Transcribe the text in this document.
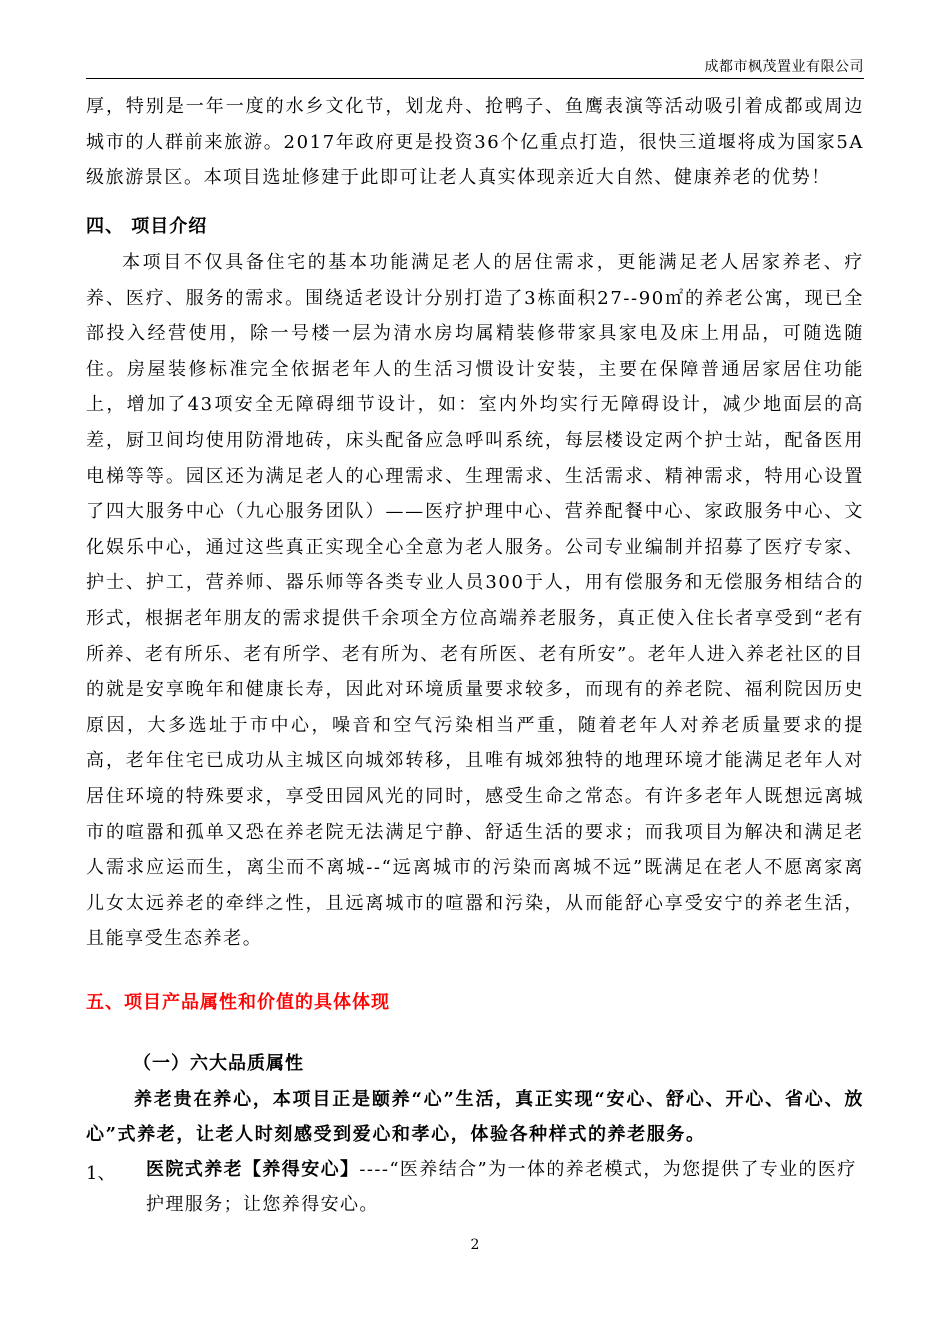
成都市枫茂置业有限公司

厚，特别是一年一度的水乡文化节，划龙舟、抢鸭子、鱼鹰表演等活动吸引着成都或周边城市的人群前来旅游。2017年政府更是投资36个亿重点打造，很快三道堰将成为国家5A级旅游景区。本项目选址修建于此即可让老人真实体现亲近大自然、健康养老的优势！

四、 项目介绍

本项目不仅具备住宅的基本功能满足老人的居住需求，更能满足老人居家养老、疗养、医疗、服务的需求。围绕适老设计分别打造了3栋面积27--90㎡的养老公寓，现已全部投入经营使用，除一号楼一层为清水房均属精装修带家具家电及床上用品，可随选随住。房屋装修标准完全依据老年人的生活习惯设计安装，主要在保障普通居家居住功能上，增加了43项安全无障碍细节设计，如：室内外均实行无障碍设计，减少地面层的高差，厨卫间均使用防滑地砖，床头配备应急呼叫系统，每层楼设定两个护士站，配备医用电梯等等。园区还为满足老人的心理需求、生理需求、生活需求、精神需求，特用心设置了四大服务中心（九心服务团队）——医疗护理中心、营养配餐中心、家政服务中心、文化娱乐中心，通过这些真正实现全心全意为老人服务。公司专业编制并招募了医疗专家、护士、护工，营养师、器乐师等各类专业人员300于人，用有偿服务和无偿服务相结合的形式，根据老年朋友的需求提供千余项全方位高端养老服务，真正使入住长者享受到“老有所养、老有所乐、老有所学、老有所为、老有所医、老有所安”。老年人进入养老社区的目的就是安享晚年和健康长寿，因此对环境质量要求较多，而现有的养老院、福利院因历史原因，大多选址于市中心，噪音和空气污染相当严重，随着老年人对养老质量要求的提高，老年住宅已成功从主城区向城郊转移，且唯有城郊独特的地理环境才能满足老年人对居住环境的特殊要求，享受田园风光的同时，感受生命之常态。有许多老年人既想远离城市的喧嚣和孤单又恐在养老院无法满足宁静、舒适生活的要求；而我项目为解决和满足老人需求应运而生，离尘而不离城--“远离城市的污染而离城不远”既满足在老人不愿离家离儿女太远养老的牵绊之性，且远离城市的喧嚣和污染，从而能舒心享受安宁的养老生活，且能享受生态养老。

五、项目产品属性和价值的具体体现
（一）六大品质属性

养老贵在养心，本项目正是颐养“心”生活，真正实现“安心、舒心、开心、省心、放心”式养老，让老人时刻感受到爱心和孝心，体验各种样式的养老服务。

1、 医院式养老【养得安心】----“医养结合”为一体的养老模式，为您提供了专业的医疗护理服务；让您养得安心。

2
